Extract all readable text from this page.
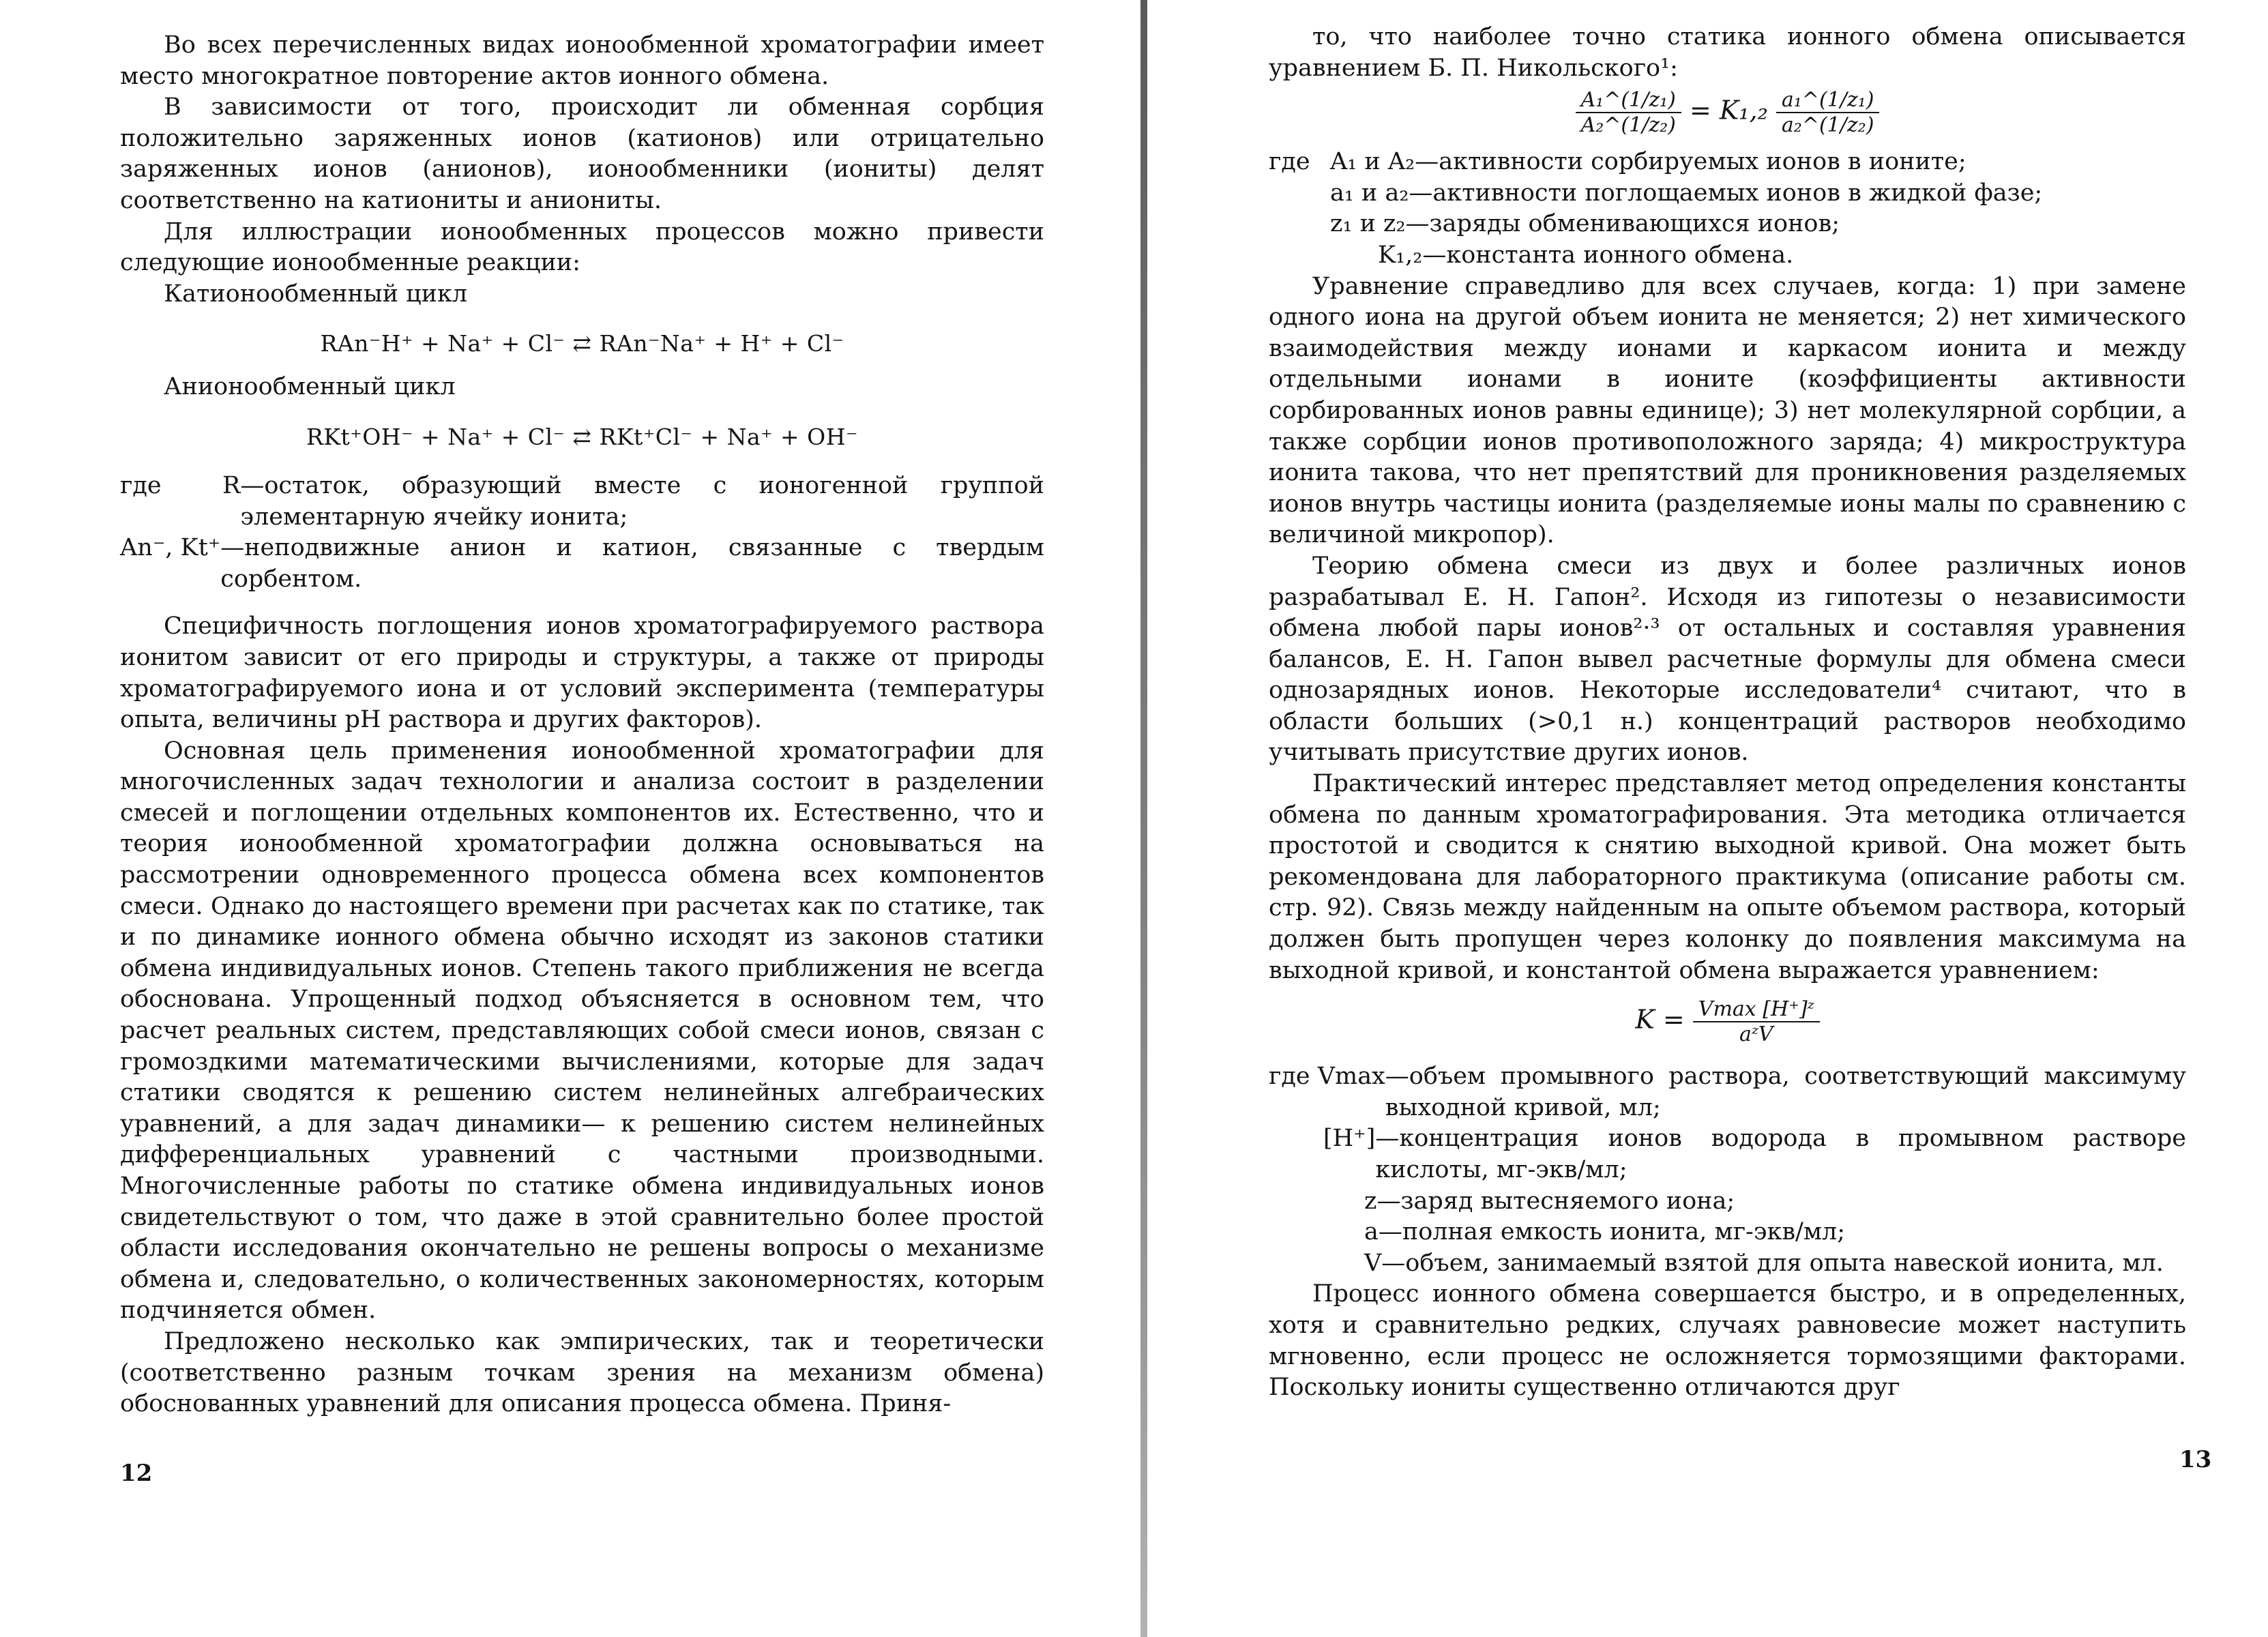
Во всех перечисленных видах ионообменной хроматографии имеет место многократное повторение актов ионного обмена.

В зависимости от того, происходит ли обменная сорбция положительно заряженных ионов (катионов) или отрицательно заряженных ионов (анионов), ионообменники (иониты) делят соответственно на катиониты и аниониты.

Для иллюстрации ионообменных процессов можно привести следующие ионообменные реакции:

Катионообменный цикл
RAn⁻H⁺ + Na⁺ + Cl⁻ ⇄ RAn⁻Na⁺ + H⁺ + Cl⁻
Анионообменный цикл
RKt⁺OH⁻ + Na⁺ + Cl⁻ ⇄ RKt⁺Cl⁻ + Na⁺ + OH⁻
где	R —остаток, образующий вместе с ионогенной группой элементарную ячейку ионита;
An⁻, Kt⁺ —неподвижные анион и катион, связанные с твердым сорбентом.

Специфичность поглощения ионов хроматографируемого раствора ионитом зависит от его природы и структуры, а также от природы хроматографируемого иона и от условий эксперимента (температуры опыта, величины pH раствора и других факторов).

Основная цель применения ионообменной хроматографии для многочисленных задач технологии и анализа состоит в разделении смесей и поглощении отдельных компонентов их. Естественно, что и теория ионообменной хроматографии должна основываться на рассмотрении одновременного процесса обмена всех компонентов смеси. Однако до настоящего времени при расчетах как по статике, так и по динамике ионного обмена обычно исходят из законов статики обмена индивидуальных ионов. Степень такого приближения не всегда обоснована. Упрощенный подход объясняется в основном тем, что расчет реальных систем, представляющих собой смеси ионов, связан с громоздкими математическими вычислениями, которые для задач статики сводятся к решению систем нелинейных алгебраических уравнений, а для задач динамики— к решению систем нелинейных дифференциальных уравнений с частными производными. Многочисленные работы по статике обмена индивидуальных ионов свидетельствуют о том, что даже в этой сравнительно более простой области исследования окончательно не решены вопросы о механизме обмена и, следовательно, о количественных закономерностях, которым подчиняется обмен.

Предложено несколько как эмпирических, так и теоретически (соответственно разным точкам зрения на механизм обмена) обоснованных уравнений для описания процесса обмена. Приня-

12

то, что наиболее точно статика ионного обмена описывается уравнением Б. П. Никольского¹:

$\frac{\text{A₁\textasciicircum{}(1/z₁)}}{\text{A₂\textasciicircum{}(1/z₂)}} = K_1,_2 \frac{\text{a₁\textasciicircum{}(1/z₁)}}{\text{a₂\textasciicircum{}(1/z₂)}}$
где A₁ и A₂ —активности сорбируемых ионов в ионите;
a₁ и a₂ —активности поглощаемых ионов в жидкой фазе;
z₁ и z₂ —заряды обменивающихся ионов;
K₁,₂ —константа ионного обмена.

Уравнение справедливо для всех случаев, когда: 1) при замене одного иона на другой объем ионита не меняется; 2) нет химического взаимодействия между ионами и каркасом ионита и между отдельными ионами в ионите (коэффициенты активности сорбированных ионов равны единице); 3) нет молекулярной сорбции, а также сорбции ионов противоположного заряда; 4) микроструктура ионита такова, что нет препятствий для проникновения разделяемых ионов внутрь частицы ионита (разделяемые ионы малы по сравнению с величиной микропор).

Теорию обмена смеси из двух и более различных ионов разрабатывал Е. Н. Гапон². Исходя из гипотезы о независимости обмена любой пары ионов²·³ от остальных и составляя уравнения балансов, Е. Н. Гапон вывел расчетные формулы для обмена смеси однозарядных ионов. Некоторые исследователи⁴ считают, что в области больших (>0,1 н.) концентраций растворов необходимо учитывать присутствие других ионов.

Практический интерес представляет метод определения константы обмена по данным хроматографирования. Эта методика отличается простотой и сводится к снятию выходной кривой. Она может быть рекомендована для лабораторного практикума (описание работы см. стр. 92). Связь между найденным на опыте объемом раствора, который должен быть пропущен через колонку до появления максимума на выходной кривой, и константой обмена выражается уравнением:

$K = \frac{\text{Vmax [H⁺]ᶻ}}{\text{aᶻV}}$
где Vmax —объем промывного раствора, соответствующий максимуму выходной кривой, мл;
[H⁺] —концентрация ионов водорода в промывном растворе кислоты, мг-экв/мл;
z —заряд вытесняемого иона;
a —полная емкость ионита, мг-экв/мл;
V —объем, занимаемый взятой для опыта навеской ионита, мл.

Процесс ионного обмена совершается быстро, и в определенных, хотя и сравнительно редких, случаях равновесие может наступить мгновенно, если процесс не осложняется тормозящими факторами. Поскольку иониты существенно отличаются друг

13
